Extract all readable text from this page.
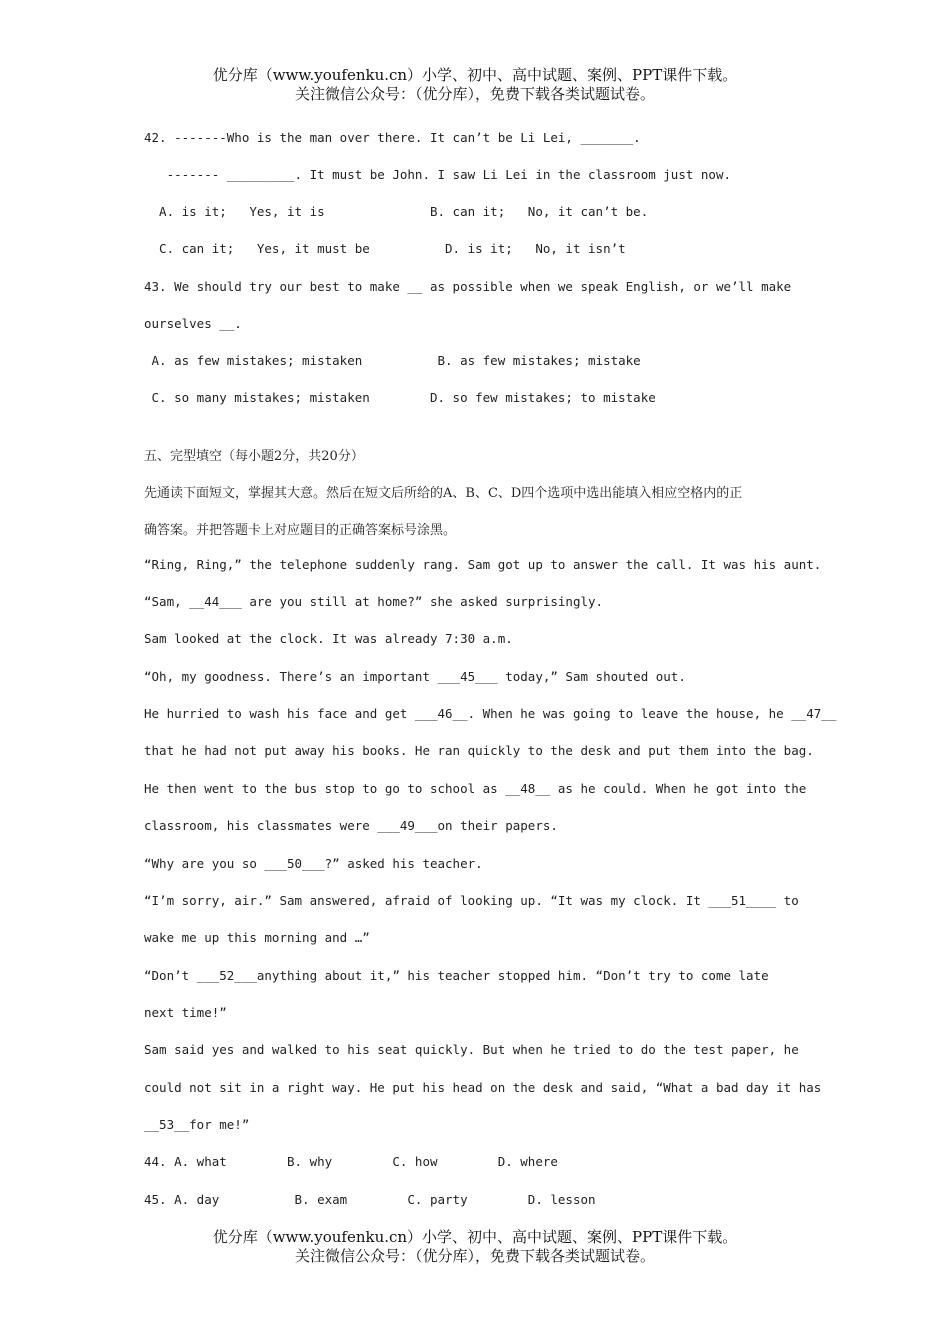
优分库（www.youfenku.cn）小学、初中、高中试题、案例、PPT课件下载。
关注微信公众号：（优分库），免费下载各类试题试卷。
42. -------Who is the man over there. It can’t be Li Lei, _______.
------- _________. It must be John. I saw Li Lei in the classroom just now.
A. is it;   Yes, it is              B. can it;   No, it can’t be.
C. can it;   Yes, it must be          D. is it;   No, it isn’t
43. We should try our best to make __ as possible when we speak English, or we’ll make
ourselves __.
A. as few mistakes; mistaken          B. as few mistakes; mistake
C. so many mistakes; mistaken        D. so few mistakes; to mistake
五、完型填空（每小题2分，共20分）
先通读下面短文，掌握其大意。然后在短文后所给的A、B、C、D四个选项中选出能填入相应空格内的正
确答案。并把答题卡上对应题目的正确答案标号涂黑。
“Ring, Ring,” the telephone suddenly rang. Sam got up to answer the call. It was his aunt.
“Sam, __44___ are you still at home?” she asked surprisingly.
Sam looked at the clock. It was already 7:30 a.m.
“Oh, my goodness. There’s an important ___45___ today,” Sam shouted out.
He hurried to wash his face and get ___46__. When he was going to leave the house, he __47__
that he had not put away his books. He ran quickly to the desk and put them into the bag.
He then went to the bus stop to go to school as __48__ as he could. When he got into the
classroom, his classmates were ___49___on their papers.
“Why are you so ___50___?” asked his teacher.
“I’m sorry, air.” Sam answered, afraid of looking up. “It was my clock. It ___51____ to
wake me up this morning and …”
“Don’t ___52___anything about it,” his teacher stopped him. “Don’t try to come late
next time!”
Sam said yes and walked to his seat quickly. But when he tried to do the test paper, he
could not sit in a right way. He put his head on the desk and said, “What a bad day it has
__53__for me!”
44. A. what        B. why        C. how        D. where
45. A. day          B. exam        C. party        D. lesson
优分库（www.youfenku.cn）小学、初中、高中试题、案例、PPT课件下载。
关注微信公众号：（优分库），免费下载各类试题试卷。
